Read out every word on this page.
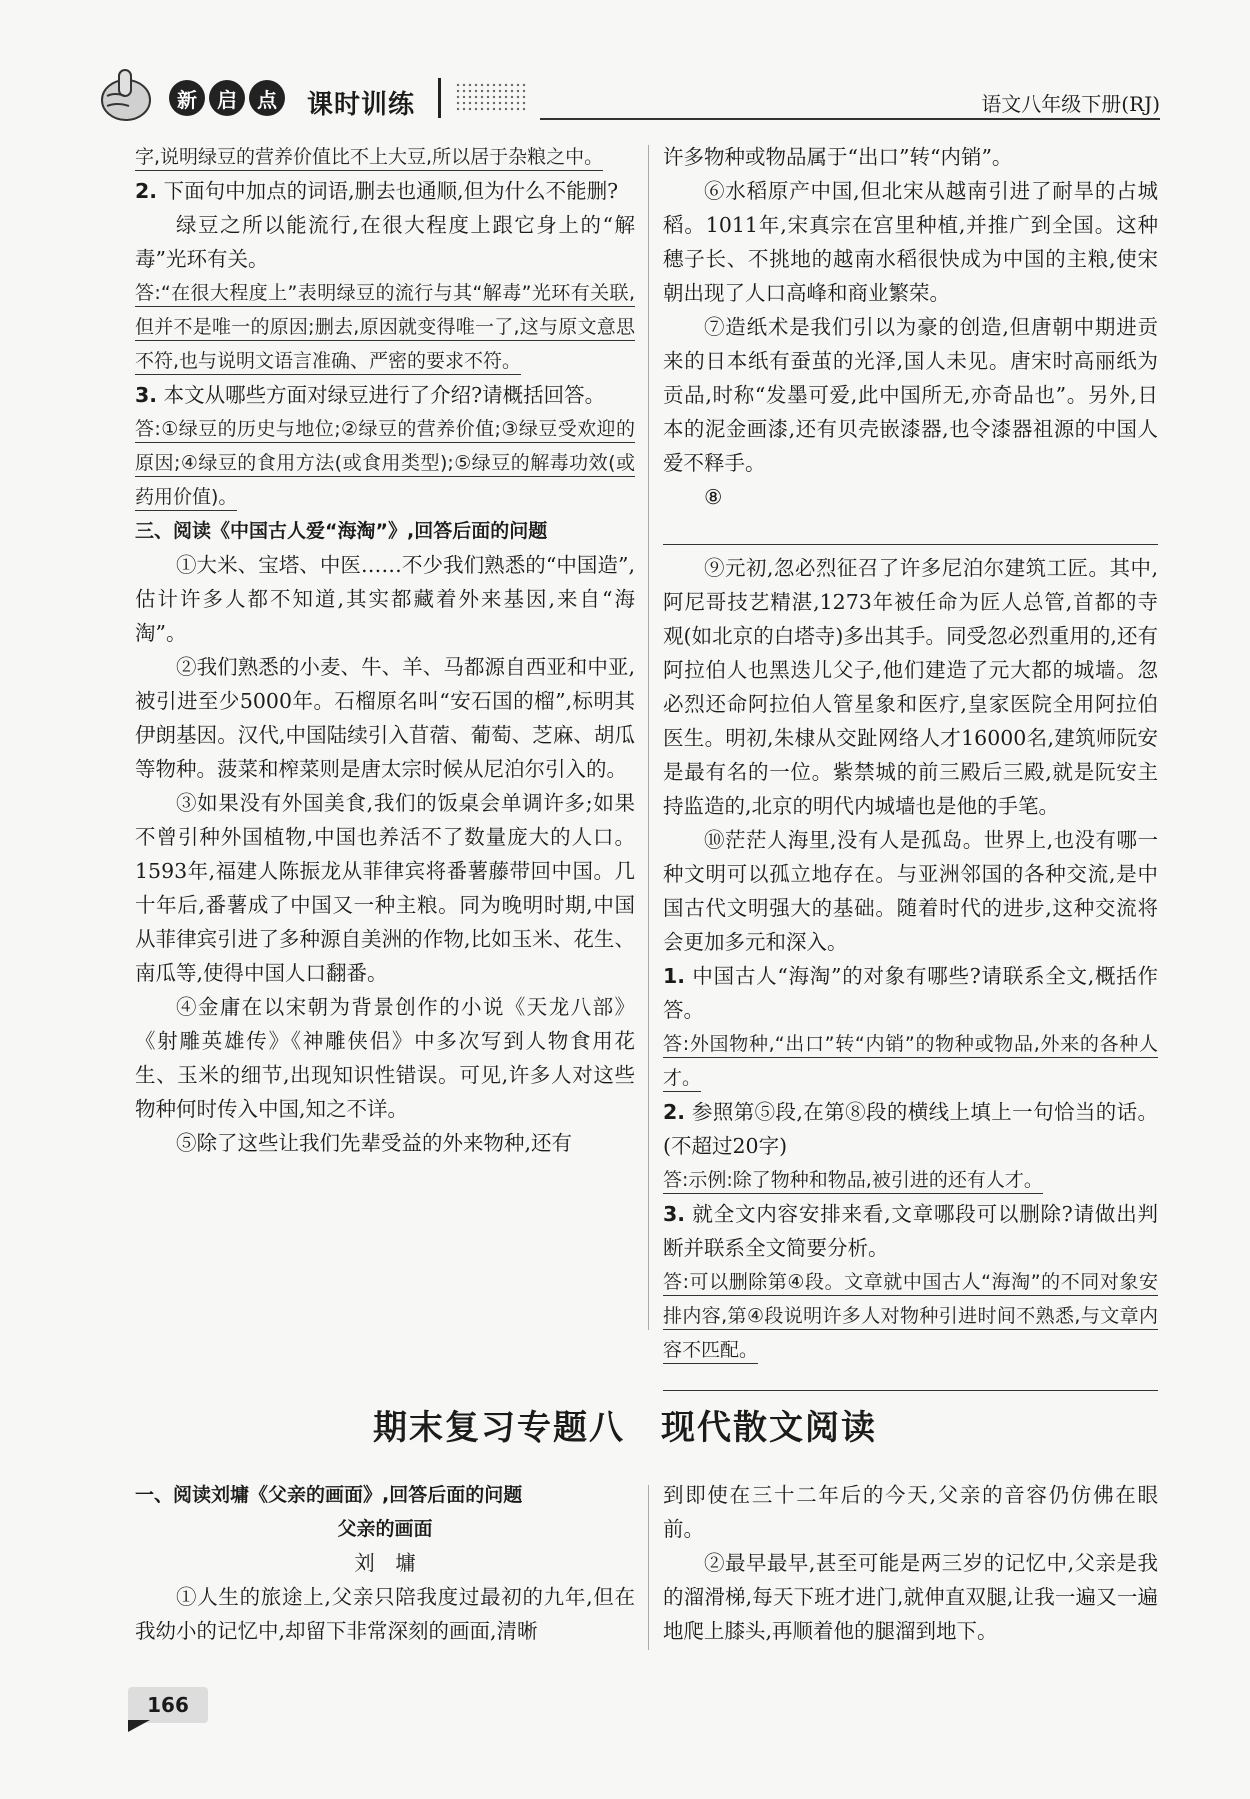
新	启	点	课时训练	语文八年级下册(RJ)

字,说明绿豆的营养价值比不上大豆,所以居于杂粮之中。

2. 下面句中加点的词语,删去也通顺,但为什么不能删?

绿豆之所以能流行,在很大程度上跟它身上的“解毒”光环有关。

答:“在很大程度上”表明绿豆的流行与其“解毒”光环有关联,但并不是唯一的原因;删去,原因就变得唯一了,这与原文意思不符,也与说明文语言准确、严密的要求不符。

3. 本文从哪些方面对绿豆进行了介绍?请概括回答。

答:①绿豆的历史与地位;②绿豆的营养价值;③绿豆受欢迎的原因;④绿豆的食用方法(或食用类型);⑤绿豆的解毒功效(或药用价值)。

三、阅读《中国古人爱“海淘”》,回答后面的问题

①大米、宝塔、中医……不少我们熟悉的“中国造”,估计许多人都不知道,其实都藏着外来基因,来自“海淘”。

②我们熟悉的小麦、牛、羊、马都源自西亚和中亚,被引进至少5000年。石榴原名叫“安石国的榴”,标明其伊朗基因。汉代,中国陆续引入苜蓿、葡萄、芝麻、胡瓜等物种。菠菜和榨菜则是唐太宗时候从尼泊尔引入的。

③如果没有外国美食,我们的饭桌会单调许多;如果不曾引种外国植物,中国也养活不了数量庞大的人口。1593年,福建人陈振龙从菲律宾将番薯藤带回中国。几十年后,番薯成了中国又一种主粮。同为晚明时期,中国从菲律宾引进了多种源自美洲的作物,比如玉米、花生、南瓜等,使得中国人口翻番。

④金庸在以宋朝为背景创作的小说《天龙八部》《射雕英雄传》《神雕侠侣》中多次写到人物食用花生、玉米的细节,出现知识性错误。可见,许多人对这些物种何时传入中国,知之不详。

⑤除了这些让我们先辈受益的外来物种,还有

许多物种或物品属于“出口”转“内销”。

⑥水稻原产中国,但北宋从越南引进了耐旱的占城稻。1011年,宋真宗在宫里种植,并推广到全国。这种穗子长、不挑地的越南水稻很快成为中国的主粮,使宋朝出现了人口高峰和商业繁荣。

⑦造纸术是我们引以为豪的创造,但唐朝中期进贡来的日本纸有蚕茧的光泽,国人未见。唐宋时高丽纸为贡品,时称“发墨可爱,此中国所无,亦奇品也”。另外,日本的泥金画漆,还有贝壳嵌漆器,也令漆器祖源的中国人爱不释手。

⑧

⑨元初,忽必烈征召了许多尼泊尔建筑工匠。其中,阿尼哥技艺精湛,1273年被任命为匠人总管,首都的寺观(如北京的白塔寺)多出其手。同受忽必烈重用的,还有阿拉伯人也黑迭儿父子,他们建造了元大都的城墙。忽必烈还命阿拉伯人管星象和医疗,皇家医院全用阿拉伯医生。明初,朱棣从交趾网络人才16000名,建筑师阮安是最有名的一位。紫禁城的前三殿后三殿,就是阮安主持监造的,北京的明代内城墙也是他的手笔。

⑩茫茫人海里,没有人是孤岛。世界上,也没有哪一种文明可以孤立地存在。与亚洲邻国的各种交流,是中国古代文明强大的基础。随着时代的进步,这种交流将会更加多元和深入。

1. 中国古人“海淘”的对象有哪些?请联系全文,概括作答。

答:外国物种,“出口”转“内销”的物种或物品,外来的各种人才。

2. 参照第⑤段,在第⑧段的横线上填上一句恰当的话。(不超过20字)

答:示例:除了物种和物品,被引进的还有人才。

3. 就全文内容安排来看,文章哪段可以删除?请做出判断并联系全文简要分析。

答:可以删除第④段。文章就中国古人“海淘”的不同对象安排内容,第④段说明许多人对物种引进时间不熟悉,与文章内容不匹配。

期末复习专题八　现代散文阅读

一、阅读刘墉《父亲的画面》,回答后面的问题

父亲的画面

刘　墉

①人生的旅途上,父亲只陪我度过最初的九年,但在我幼小的记忆中,却留下非常深刻的画面,清晰

到即使在三十二年后的今天,父亲的音容仍仿佛在眼前。

②最早最早,甚至可能是两三岁的记忆中,父亲是我的溜滑梯,每天下班才进门,就伸直双腿,让我一遍又一遍地爬上膝头,再顺着他的腿溜到地下。

166
